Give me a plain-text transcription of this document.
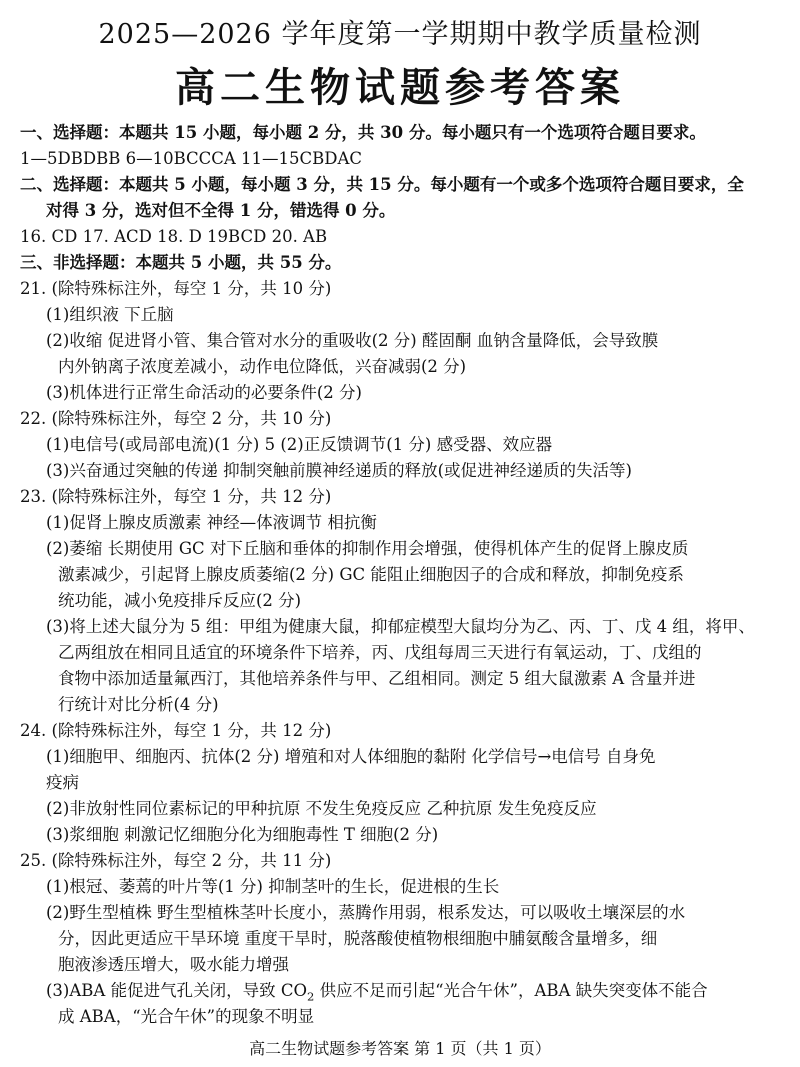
2025—2026 学年度第一学期期中教学质量检测
高二生物试题参考答案
一、选择题：本题共 15 小题，每小题 2 分，共 30 分。每小题只有一个选项符合题目要求。
1—5DBDBB 6—10BCCCA 11—15CBDAC
二、选择题：本题共 5 小题，每小题 3 分，共 15 分。每小题有一个或多个选项符合题目要求，全
对得 3 分，选对但不全得 1 分，错选得 0 分。
16. CD 17. ACD 18. D 19BCD 20. AB
三、非选择题：本题共 5 小题，共 55 分。
21. (除特殊标注外，每空 1 分，共 10 分)
(1)组织液 下丘脑
(2)收缩 促进肾小管、集合管对水分的重吸收(2 分) 醛固酮 血钠含量降低，会导致膜
内外钠离子浓度差减小，动作电位降低，兴奋减弱(2 分)
(3)机体进行正常生命活动的必要条件(2 分)
22. (除特殊标注外，每空 2 分，共 10 分)
(1)电信号(或局部电流)(1 分) 5 (2)正反馈调节(1 分) 感受器、效应器
(3)兴奋通过突触的传递 抑制突触前膜神经递质的释放(或促进神经递质的失活等)
23. (除特殊标注外，每空 1 分，共 12 分)
(1)促肾上腺皮质激素 神经—体液调节 相抗衡
(2)萎缩 长期使用 GC 对下丘脑和垂体的抑制作用会增强，使得机体产生的促肾上腺皮质
激素减少，引起肾上腺皮质萎缩(2 分) GC 能阻止细胞因子的合成和释放，抑制免疫系
统功能，减小免疫排斥反应(2 分)
(3)将上述大鼠分为 5 组：甲组为健康大鼠，抑郁症模型大鼠均分为乙、丙、丁、戊 4 组，将甲、
乙两组放在相同且适宜的环境条件下培养，丙、戊组每周三天进行有氧运动，丁、戊组的
食物中添加适量氟西汀，其他培养条件与甲、乙组相同。测定 5 组大鼠激素 A 含量并进
行统计对比分析(4 分)
24. (除特殊标注外，每空 1 分，共 12 分)
(1)细胞甲、细胞丙、抗体(2 分) 增殖和对人体细胞的黏附 化学信号→电信号 自身免
疫病
(2)非放射性同位素标记的甲种抗原 不发生免疫反应 乙种抗原 发生免疫反应
(3)浆细胞 刺激记忆细胞分化为细胞毒性 T 细胞(2 分)
25. (除特殊标注外，每空 2 分，共 11 分)
(1)根冠、萎蔫的叶片等(1 分) 抑制茎叶的生长，促进根的生长
(2)野生型植株 野生型植株茎叶长度小，蒸腾作用弱，根系发达，可以吸收土壤深层的水
分，因此更适应干旱环境 重度干旱时，脱落酸使植物根细胞中脯氨酸含量增多，细
胞液渗透压增大，吸水能力增强
(3)ABA 能促进气孔关闭，导致 $CO_2$ 供应不足而引起“光合午休”，ABA 缺失突变体不能合
成 ABA，“光合午休”的现象不明显
高二生物试题参考答案 第 1 页（共 1 页）
